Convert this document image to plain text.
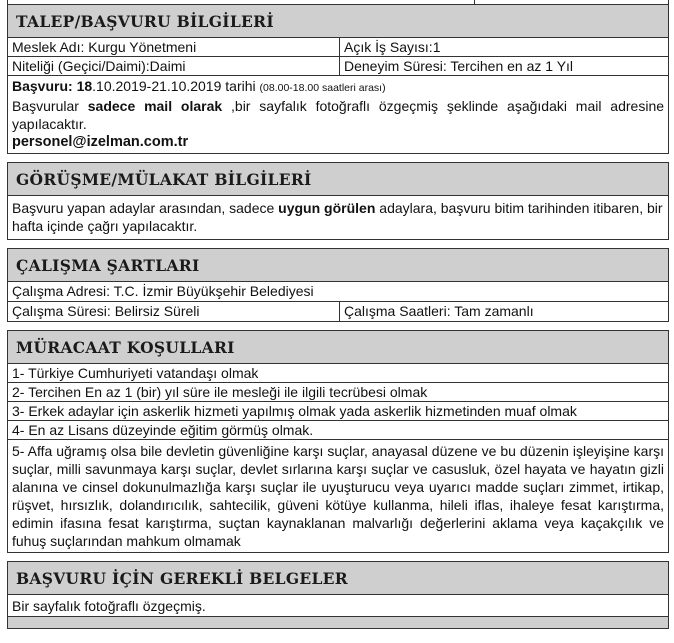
TALEP/BAŞVURU BİLGİLERİ
Meslek Adı: Kurgu Yönetmeni	Açık İş Sayısı:1
Niteliği (Geçici/Daimi):Daimi	Deneyim Süresi: Tercihen en az 1 Yıl
Başvuru: 18.10.2019-21.10.2019 tarihi (08.00-18.00 saatleri arası)
Başvurular sadece mail olarak ,bir sayfalık fotoğraflı özgeçmiş şeklinde aşağıdaki mail adresine yapılacaktır.
personel@izelman.com.tr
GÖRÜŞME/MÜLAKAT BİLGİLERİ
Başvuru yapan adaylar arasından, sadece uygun görülen adaylara, başvuru bitim tarihinden itibaren, bir hafta içinde çağrı yapılacaktır.
ÇALIŞMA ŞARTLARI
Çalışma Adresi: T.C. İzmir Büyükşehir Belediyesi
Çalışma Süresi: Belirsiz Süreli	Çalışma Saatleri: Tam zamanlı
MÜRACAAT KOŞULLARI
1- Türkiye Cumhuriyeti vatandaşı olmak
2- Tercihen En az 1 (bir) yıl süre ile mesleği ile ilgili tecrübesi olmak
3- Erkek adaylar için askerlik hizmeti yapılmış olmak yada askerlik hizmetinden muaf olmak
4- En az Lisans düzeyinde eğitim görmüş olmak.
5- Affa uğramış olsa bile devletin güvenliğine karşı suçlar, anayasal düzene ve bu düzenin işleyişine karşı suçlar, milli savunmaya karşı suçlar, devlet sırlarına karşı suçlar ve casusluk, özel hayata ve hayatın gizli alanına ve cinsel dokunulmazlığa karşı suçlar ile uyuşturucu veya uyarıcı madde suçları zimmet, irtikap, rüşvet, hırsızlık, dolandırıcılık, sahtecilik, güveni kötüye kullanma, hileli iflas, ihaleye fesat karıştırma, edimin ifasına fesat karıştırma, suçtan kaynaklanan malvarlığı değerlerini aklama veya kaçakçılık ve fuhuş suçlarından mahkum olmamak
BAŞVURU İÇİN GEREKLİ BELGELER
Bir sayfalık fotoğraflı özgeçmiş.
